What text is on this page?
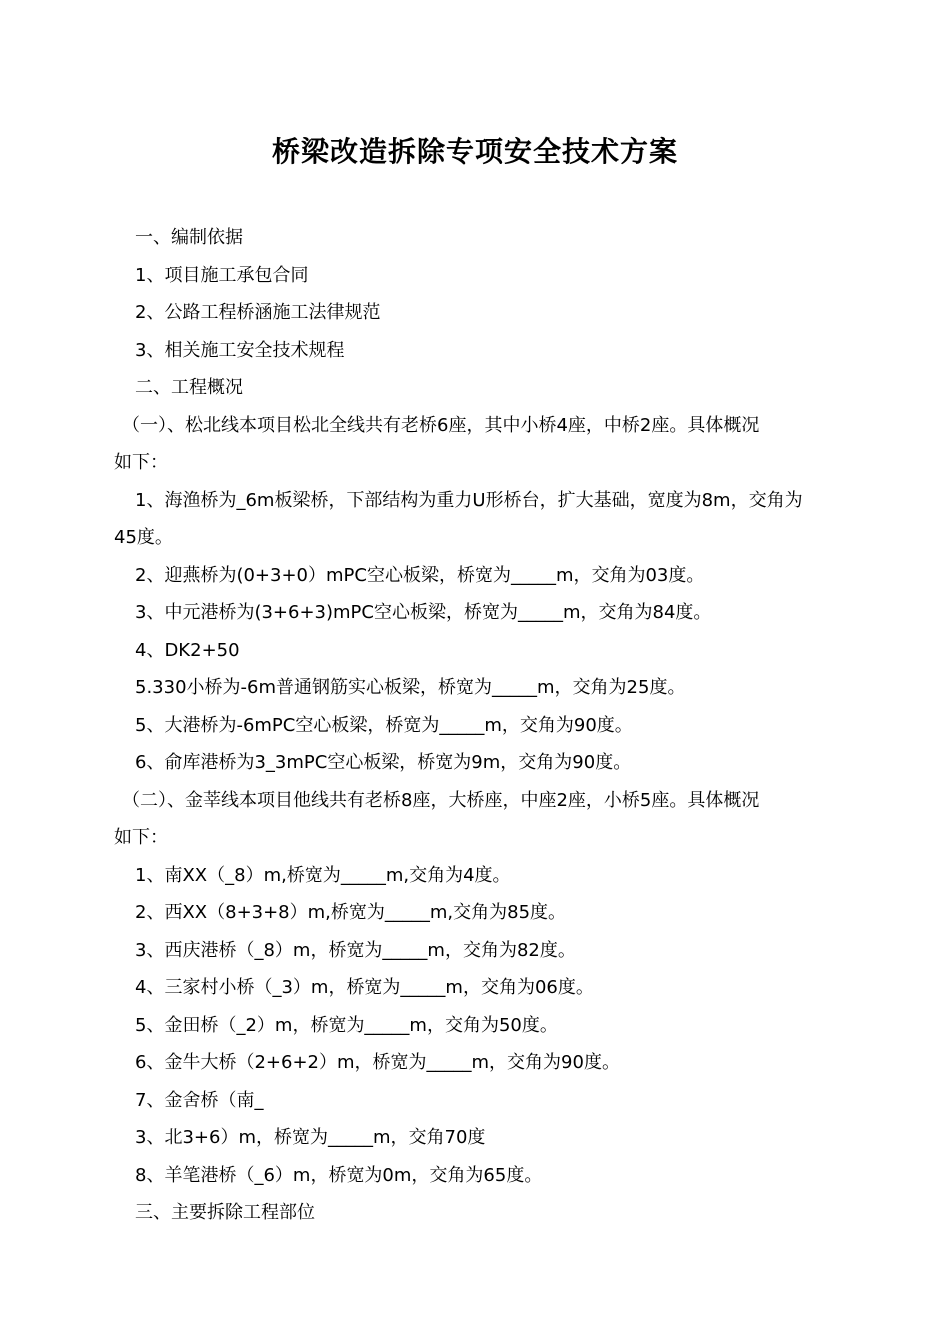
桥梁改造拆除专项安全技术方案
一、编制依据
1、项目施工承包合同
2、公路工程桥涵施工法律规范
3、相关施工安全技术规程
二、工程概况
（一）、松北线本项目松北全线共有老桥6座，其中小桥4座，中桥2座。具体概况
如下：
1、海渔桥为_6m板梁桥，下部结构为重力U形桥台，扩大基础，宽度为8m，交角为
45度。
2、迎燕桥为(0+3+0）mPC空心板梁，桥宽为_____m，交角为03度。
3、中元港桥为(3+6+3)mPC空心板梁，桥宽为_____m，交角为84度。
4、DK2+50
5.330小桥为-6m普通钢筋实心板梁，桥宽为_____m，交角为25度。
5、大港桥为-6mPC空心板梁，桥宽为_____m，交角为90度。
6、俞库港桥为3_3mPC空心板梁，桥宽为9m，交角为90度。
（二）、金莘线本项目他线共有老桥8座，大桥座，中座2座，小桥5座。具体概况
如下：
1、南XX（_8）m,桥宽为_____m,交角为4度。
2、西XX（8+3+8）m,桥宽为_____m,交角为85度。
3、西庆港桥（_8）m，桥宽为_____m，交角为82度。
4、三家村小桥（_3）m，桥宽为_____m，交角为06度。
5、金田桥（_2）m，桥宽为_____m，交角为50度。
6、金牛大桥（2+6+2）m，桥宽为_____m，交角为90度。
7、金舍桥（南_
3、北3+6）m，桥宽为_____m，交角70度
8、羊笔港桥（_6）m，桥宽为0m，交角为65度。
三、主要拆除工程部位
